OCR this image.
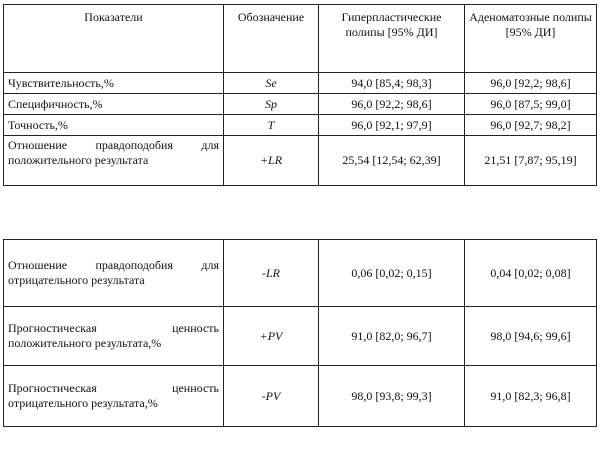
Показатели	Обозначение	Гиперпластические полипы [95% ДИ]	Аденоматозные полипы [95% ДИ]
Чувствительность,%	Se	94,0 [85,4; 98,3]	96,0 [92,2; 98,6]
Специфичность,%	Sp	96,0 [92,2; 98,6]	96,0 [87,5; 99,0]
Точность,%	T	96,0 [92,1; 97,9]	96,0 [92,7; 98,2]
Отношение правдоподобия для положительного результата	+LR	25,54 [12,54; 62,39]	21,51 [7,87; 95,19]
Отношение правдоподобия для отрицательного результата	-LR	0,06 [0,02; 0,15]	0,04 [0,02; 0,08]
Прогностическая ценность положительного результата,%	+PV	91,0 [82,0; 96,7]	98,0 [94,6; 99,6]
Прогностическая ценность отрицательного результата,%	-PV	98,0 [93,8; 99,3]	91,0 [82,3; 96,8]
